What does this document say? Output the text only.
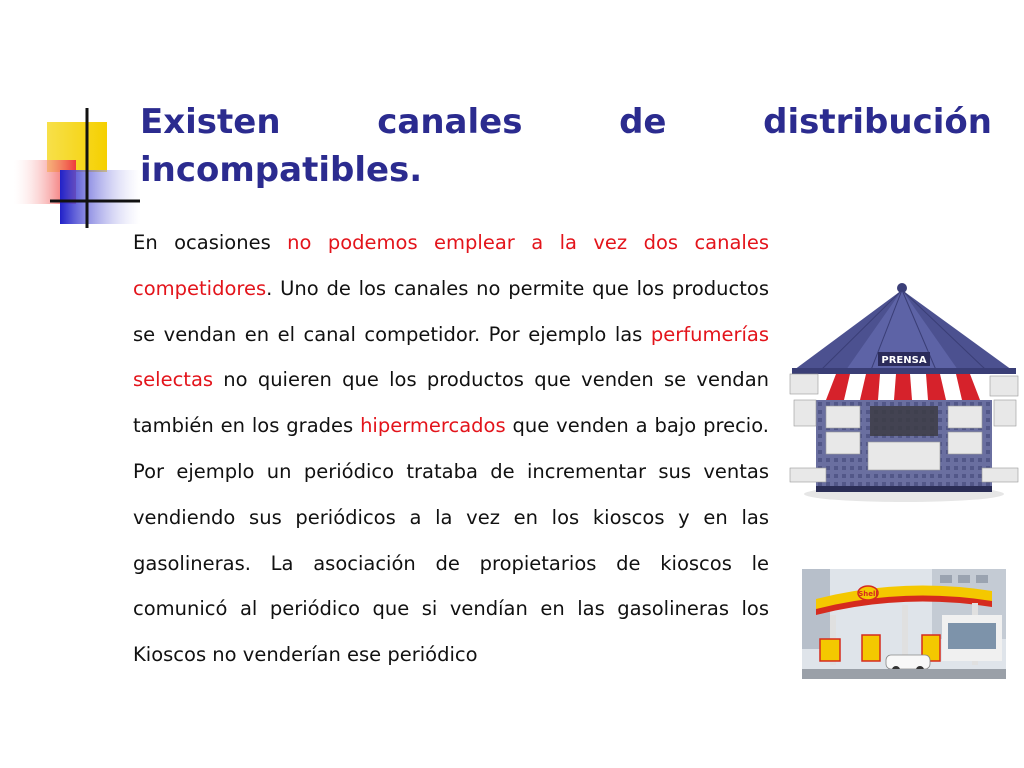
Existen	canales	de	distribución
incompatibles.

En ocasiones no podemos emplear a la vez dos canales competidores. Uno de los canales no permite que los productos se vendan en el canal competidor. Por ejemplo las perfumerías selectas no quieren que los productos que venden se vendan también en los grades hipermercados que venden a bajo precio. Por ejemplo un periódico trataba de incrementar sus ventas vendiendo sus periódicos a la vez en los kioscos y en las gasolineras. La asociación de propietarios de kioscos le comunicó al periódico que si vendían en las gasolineras los Kioscos no venderían ese periódico

PRENSA
Shell
